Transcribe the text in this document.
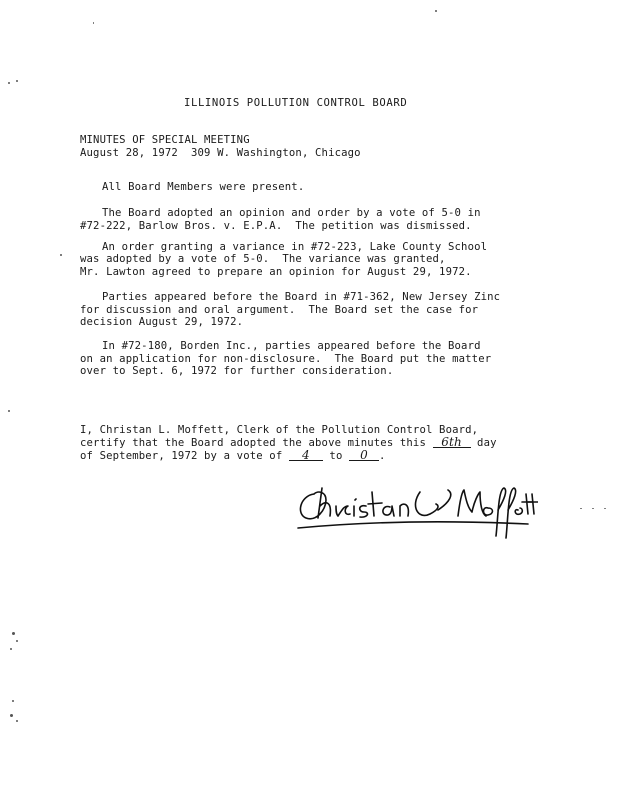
ILLINOIS POLLUTION CONTROL BOARD
MINUTES OF SPECIAL MEETING
August 28, 1972  309 W. Washington, Chicago
All Board Members were present.
The Board adopted an opinion and order by a vote of 5-0 in
#72-222, Barlow Bros. v. E.P.A.  The petition was dismissed.
An order granting a variance in #72-223, Lake County School
was adopted by a vote of 5-0.  The variance was granted,
Mr. Lawton agreed to prepare an opinion for August 29, 1972.
Parties appeared before the Board in #71-362, New Jersey Zinc
for discussion and oral argument.  The Board set the case for
decision August 29, 1972.
In #72-180, Borden Inc., parties appeared before the Board
on an application for non-disclosure.  The Board put the matter
over to Sept. 6, 1972 for further consideration.
I, Christan L. Moffett, Clerk of the Pollution Control Board,
certify that the Board adopted the above minutes this 6th day
of September, 1972 by a vote of 4 to 0 .
